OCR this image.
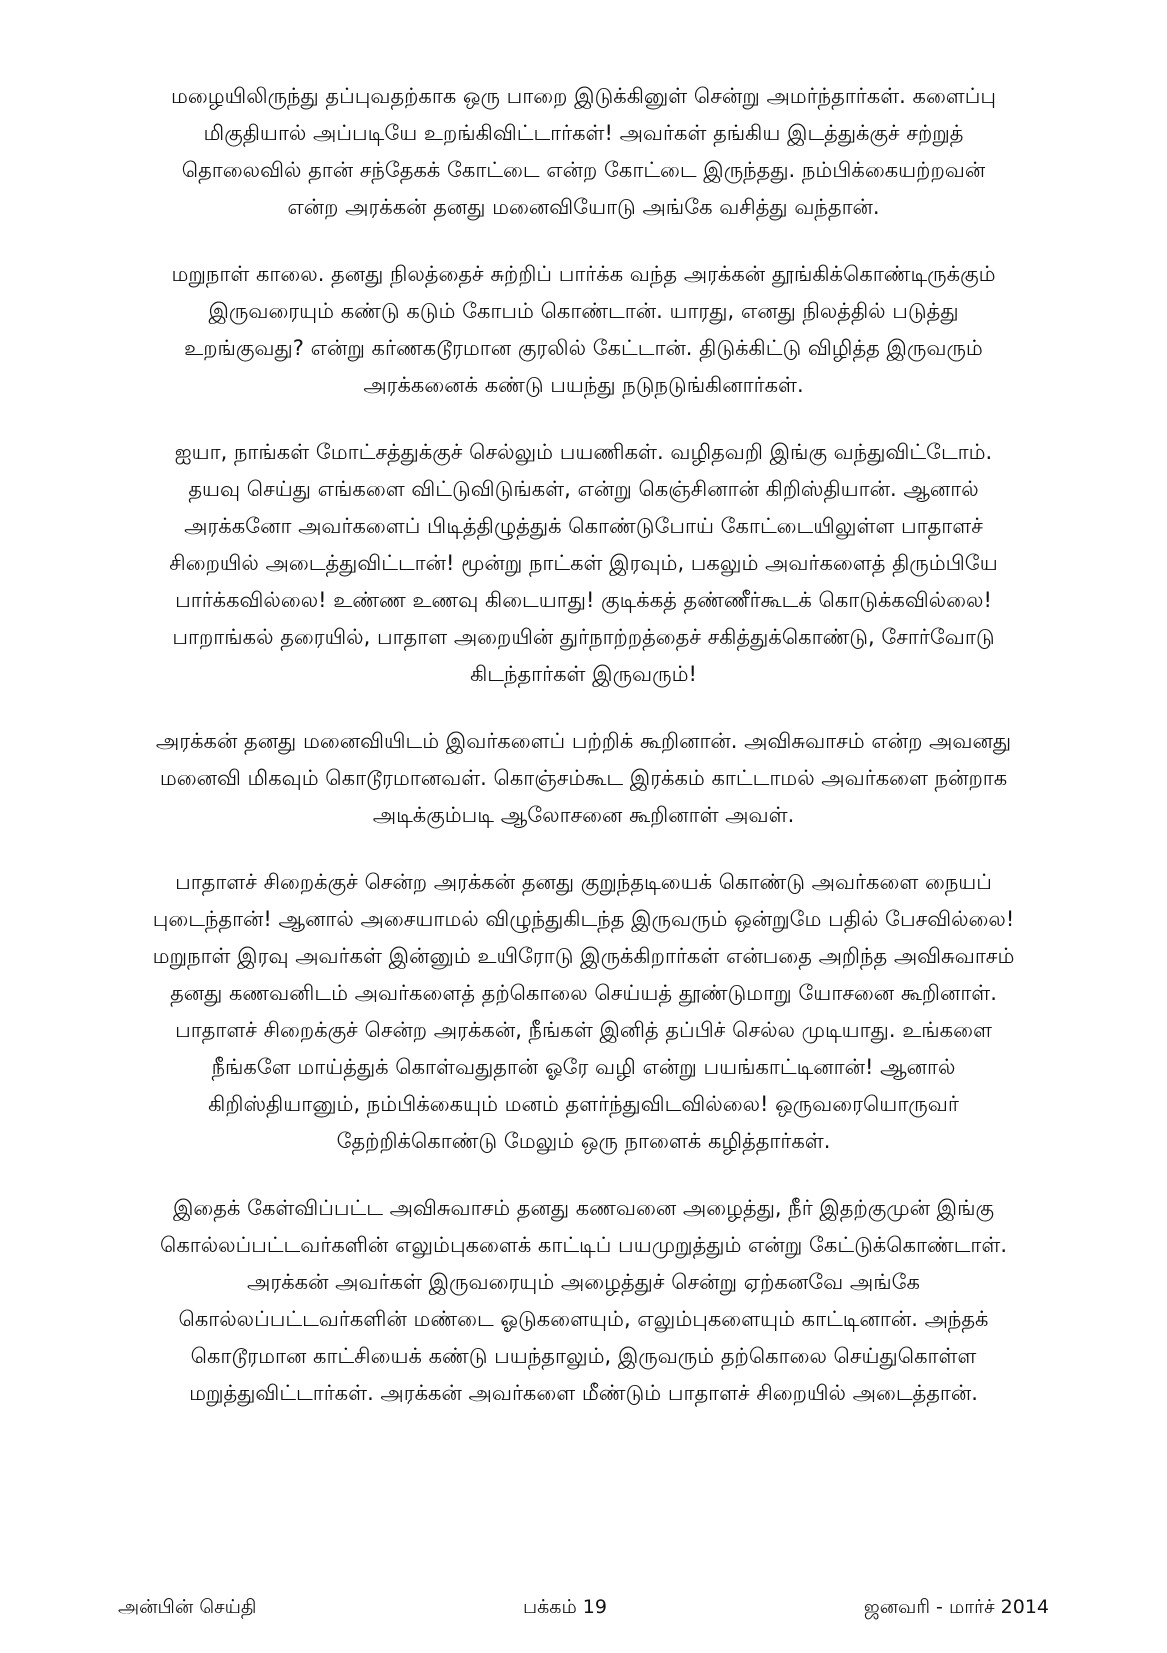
மழையிலிருந்து தப்புவதற்காக ஒரு பாறை இடுக்கினுள் சென்று அமர்ந்தார்கள். களைப்பு
மிகுதியால் அப்படியே உறங்கிவிட்டார்கள்! அவர்கள் தங்கிய இடத்துக்குச் சற்றுத்
தொலைவில் தான் சந்தேகக் கோட்டை என்ற கோட்டை இருந்தது. நம்பிக்கையற்றவன்
என்ற அரக்கன் தனது மனைவியோடு அங்கே வசித்து வந்தான்.

மறுநாள் காலை. தனது நிலத்தைச் சுற்றிப் பார்க்க வந்த அரக்கன் தூங்கிக்கொண்டிருக்கும்
இருவரையும் கண்டு கடும் கோபம் கொண்டான். யாரது, எனது நிலத்தில் படுத்து
உறங்குவது? என்று கர்ணகடூரமான குரலில் கேட்டான். திடுக்கிட்டு விழித்த இருவரும்
அரக்கனைக் கண்டு பயந்து நடுநடுங்கினார்கள்.

ஐயா, நாங்கள் மோட்சத்துக்குச் செல்லும் பயணிகள். வழிதவறி இங்கு வந்துவிட்டோம்.
தயவு செய்து எங்களை விட்டுவிடுங்கள், என்று கெஞ்சினான் கிறிஸ்தியான். ஆனால்
அரக்கனோ அவர்களைப் பிடித்திழுத்துக் கொண்டுபோய் கோட்டையிலுள்ள பாதாளச்
சிறையில் அடைத்துவிட்டான்! மூன்று நாட்கள் இரவும், பகலும் அவர்களைத் திரும்பியே
பார்க்கவில்லை! உண்ண உணவு கிடையாது! குடிக்கத் தண்ணீர்கூடக் கொடுக்கவில்லை!
பாறாங்கல் தரையில், பாதாள அறையின் துர்நாற்றத்தைச் சகித்துக்கொண்டு, சோர்வோடு
கிடந்தார்கள் இருவரும்!

அரக்கன் தனது மனைவியிடம் இவர்களைப் பற்றிக் கூறினான். அவிசுவாசம் என்ற அவனது
மனைவி மிகவும் கொடூரமானவள். கொஞ்சம்கூட இரக்கம் காட்டாமல் அவர்களை நன்றாக
அடிக்கும்படி ஆலோசனை கூறினாள் அவள்.

பாதாளச் சிறைக்குச் சென்ற அரக்கன் தனது குறுந்தடியைக் கொண்டு அவர்களை நையப்
புடைந்தான்! ஆனால் அசையாமல் விழுந்துகிடந்த இருவரும் ஒன்றுமே பதில் பேசவில்லை!
மறுநாள் இரவு அவர்கள் இன்னும் உயிரோடு இருக்கிறார்கள் என்பதை அறிந்த அவிசுவாசம்
தனது கணவனிடம் அவர்களைத் தற்கொலை செய்யத் தூண்டுமாறு யோசனை கூறினாள்.
பாதாளச் சிறைக்குச் சென்ற அரக்கன், நீங்கள் இனித் தப்பிச் செல்ல முடியாது. உங்களை
நீங்களே மாய்த்துக் கொள்வதுதான் ஓரே வழி என்று பயங்காட்டினான்! ஆனால்
கிறிஸ்தியானும், நம்பிக்கையும் மனம் தளர்ந்துவிடவில்லை! ஒருவரையொருவர்
தேற்றிக்கொண்டு மேலும் ஒரு நாளைக் கழித்தார்கள்.

இதைக் கேள்விப்பட்ட அவிசுவாசம் தனது கணவனை அழைத்து, நீர் இதற்குமுன் இங்கு
கொல்லப்பட்டவர்களின் எலும்புகளைக் காட்டிப் பயமுறுத்தும் என்று கேட்டுக்கொண்டாள்.
அரக்கன் அவர்கள் இருவரையும் அழைத்துச் சென்று ஏற்கனவே அங்கே
கொல்லப்பட்டவர்களின் மண்டை ஓடுகளையும், எலும்புகளையும் காட்டினான். அந்தக்
கொடூரமான காட்சியைக் கண்டு பயந்தாலும், இருவரும் தற்கொலை செய்துகொள்ள
மறுத்துவிட்டார்கள். அரக்கன் அவர்களை மீண்டும் பாதாளச் சிறையில் அடைத்தான்.

அன்பின் செய்தி	பக்கம் 19	ஜனவரி - மார்ச் 2014
